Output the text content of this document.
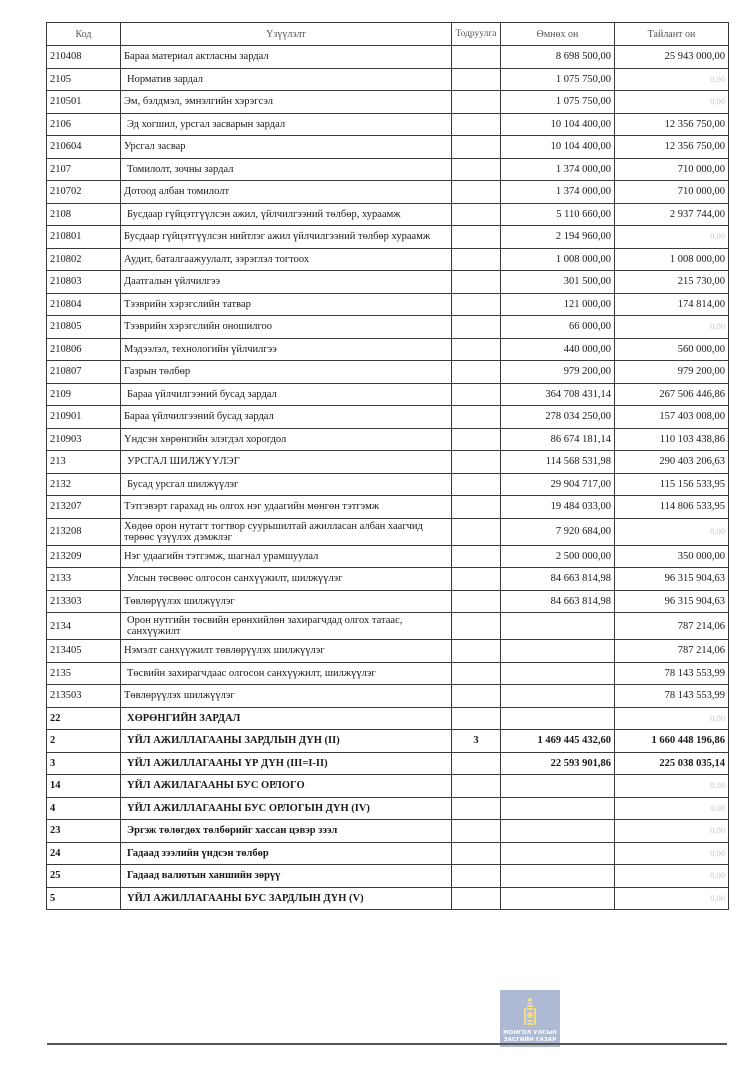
Код	Үзүүлэлт	Тодруулга	Өмнөх он	Тайлант он
210408	Бараа материал актласны зардал		8 698 500,00	25 943 000,00
2105	Норматив зардал		1 075 750,00	0,00
210501	Эм, бэлдмэл, эмнэлгийн хэрэгсэл		1 075 750,00	0,00
2106	Эд хогшил, урсгал засварын зардал		10 104 400,00	12 356 750,00
210604	Урсгал засвар		10 104 400,00	12 356 750,00
2107	Томилолт, зочны зардал		1 374 000,00	710 000,00
210702	Дотоод албан томилолт		1 374 000,00	710 000,00
2108	Бусдаар гүйцэтгүүлсэн ажил, үйлчилгээний төлбөр, хураамж		5 110 660,00	2 937 744,00
210801	Бусдаар гүйцэтгүүлсэн нийтлэг ажил үйлчилгээний төлбөр хураамж		2 194 960,00	0,00
210802	Аудит, баталгаажуулалт, зэрэглэл тогтоох		1 008 000,00	1 008 000,00
210803	Даатгалын үйлчилгээ		301 500,00	215 730,00
210804	Тээврийн хэрэгслийн татвар		121 000,00	174 814,00
210805	Тээврийн хэрэгслийн оношилгоо		66 000,00	0,00
210806	Мэдээлэл, технологийн үйлчилгээ		440 000,00	560 000,00
210807	Газрын төлбөр		979 200,00	979 200,00
2109	Бараа үйлчилгээний бусад зардал		364 708 431,14	267 506 446,86
210901	Бараа үйлчилгээний бусад зардал		278 034 250,00	157 403 008,00
210903	Үндсэн хөрөнгийн элэгдэл хорогдол		86 674 181,14	110 103 438,86
213	УРСГАЛ ШИЛЖҮҮЛЭГ		114 568 531,98	290 403 206,63
2132	Бусад урсгал шилжүүлэг		29 904 717,00	115 156 533,95
213207	Тэтгэвэрт гарахад нь олгох нэг удаагийн мөнгөн тэтгэмж		19 484 033,00	114 806 533,95
213208	Хөдөө орон нутагт тогтвор суурьшилтай ажилласан албан хаагчид төрөөс үзүүлэх дэмжлэг		7 920 684,00	0,00
213209	Нэг удаагийн тэтгэмж, шагнал урамшуулал		2 500 000,00	350 000,00
2133	Улсын төсвөөс олгосон санхүүжилт, шилжүүлэг		84 663 814,98	96 315 904,63
213303	Төвлөрүүлэх шилжүүлэг		84 663 814,98	96 315 904,63
2134	Орон нутгийн төсвийн ерөнхийлөн захирагчдад олгох татаас, санхүүжилт			787 214,06
213405	Нэмэлт санхүүжилт төвлөрүүлэх шилжүүлэг			787 214,06
2135	Төсвийн захирагчдаас олгосон санхүүжилт, шилжүүлэг			78 143 553,99
213503	Төвлөрүүлэх шилжүүлэг			78 143 553,99
22	ХӨРӨНГИЙН ЗАРДАЛ			0,00
2	ҮЙЛ АЖИЛЛАГААНЫ ЗАРДЛЫН ДҮН (II)	3	1 469 445 432,60	1 660 448 196,86
3	ҮЙЛ АЖИЛЛАГААНЫ ҮР ДҮН (III=I-II)		22 593 901,86	225 038 035,14
14	ҮЙЛ АЖИЛАГААНЫ БУС ОРЛОГО			0,00
4	ҮЙЛ АЖИЛЛАГААНЫ БУС ОРЛОГЫН ДҮН (IV)			0,00
23	Эргэж төлөгдөх төлбөрийг хассан цэвэр зээл			0,00
24	Гадаад зээлийн үндсэн төлбөр			0,00
25	Гадаад валютын ханшийн зөрүү			0,00
5	ҮЙЛ АЖИЛЛАГААНЫ БУС ЗАРДЛЫН ДҮН (V)			0,00
МОНГОЛ УЛСЫН
ЗАСГИЙН ГАЗАР
